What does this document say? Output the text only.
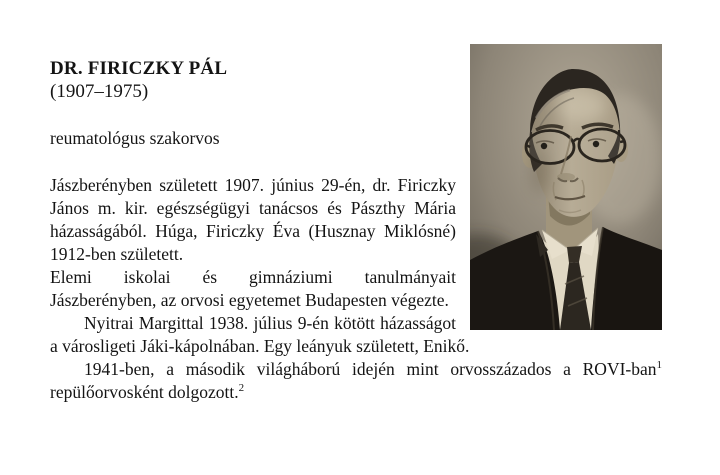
DR. FIRICZKY PÁL
(1907–1975)
reumatológus szakorvos

Jászberényben született 1907. június 29-én, dr. Firiczky János m. kir. egészségügyi tanácsos és Pászthy Mária házasságából. Húga, Firiczky Éva (Husznay Miklósné) 1912-ben született.

Elemi iskolai és gimnáziumi tanulmányait Jászberényben, az orvosi egyetemet Budapesten végezte.

Nyitrai Margittal 1938. július 9-én kötött házasságot a városligeti Jáki-kápolnában. Egy leányuk született, Enikő.

1941-ben, a második világháború idején mint orvosszázados a ROVI-ban$^1$ repülőorvosként dolgozott.$^2$
